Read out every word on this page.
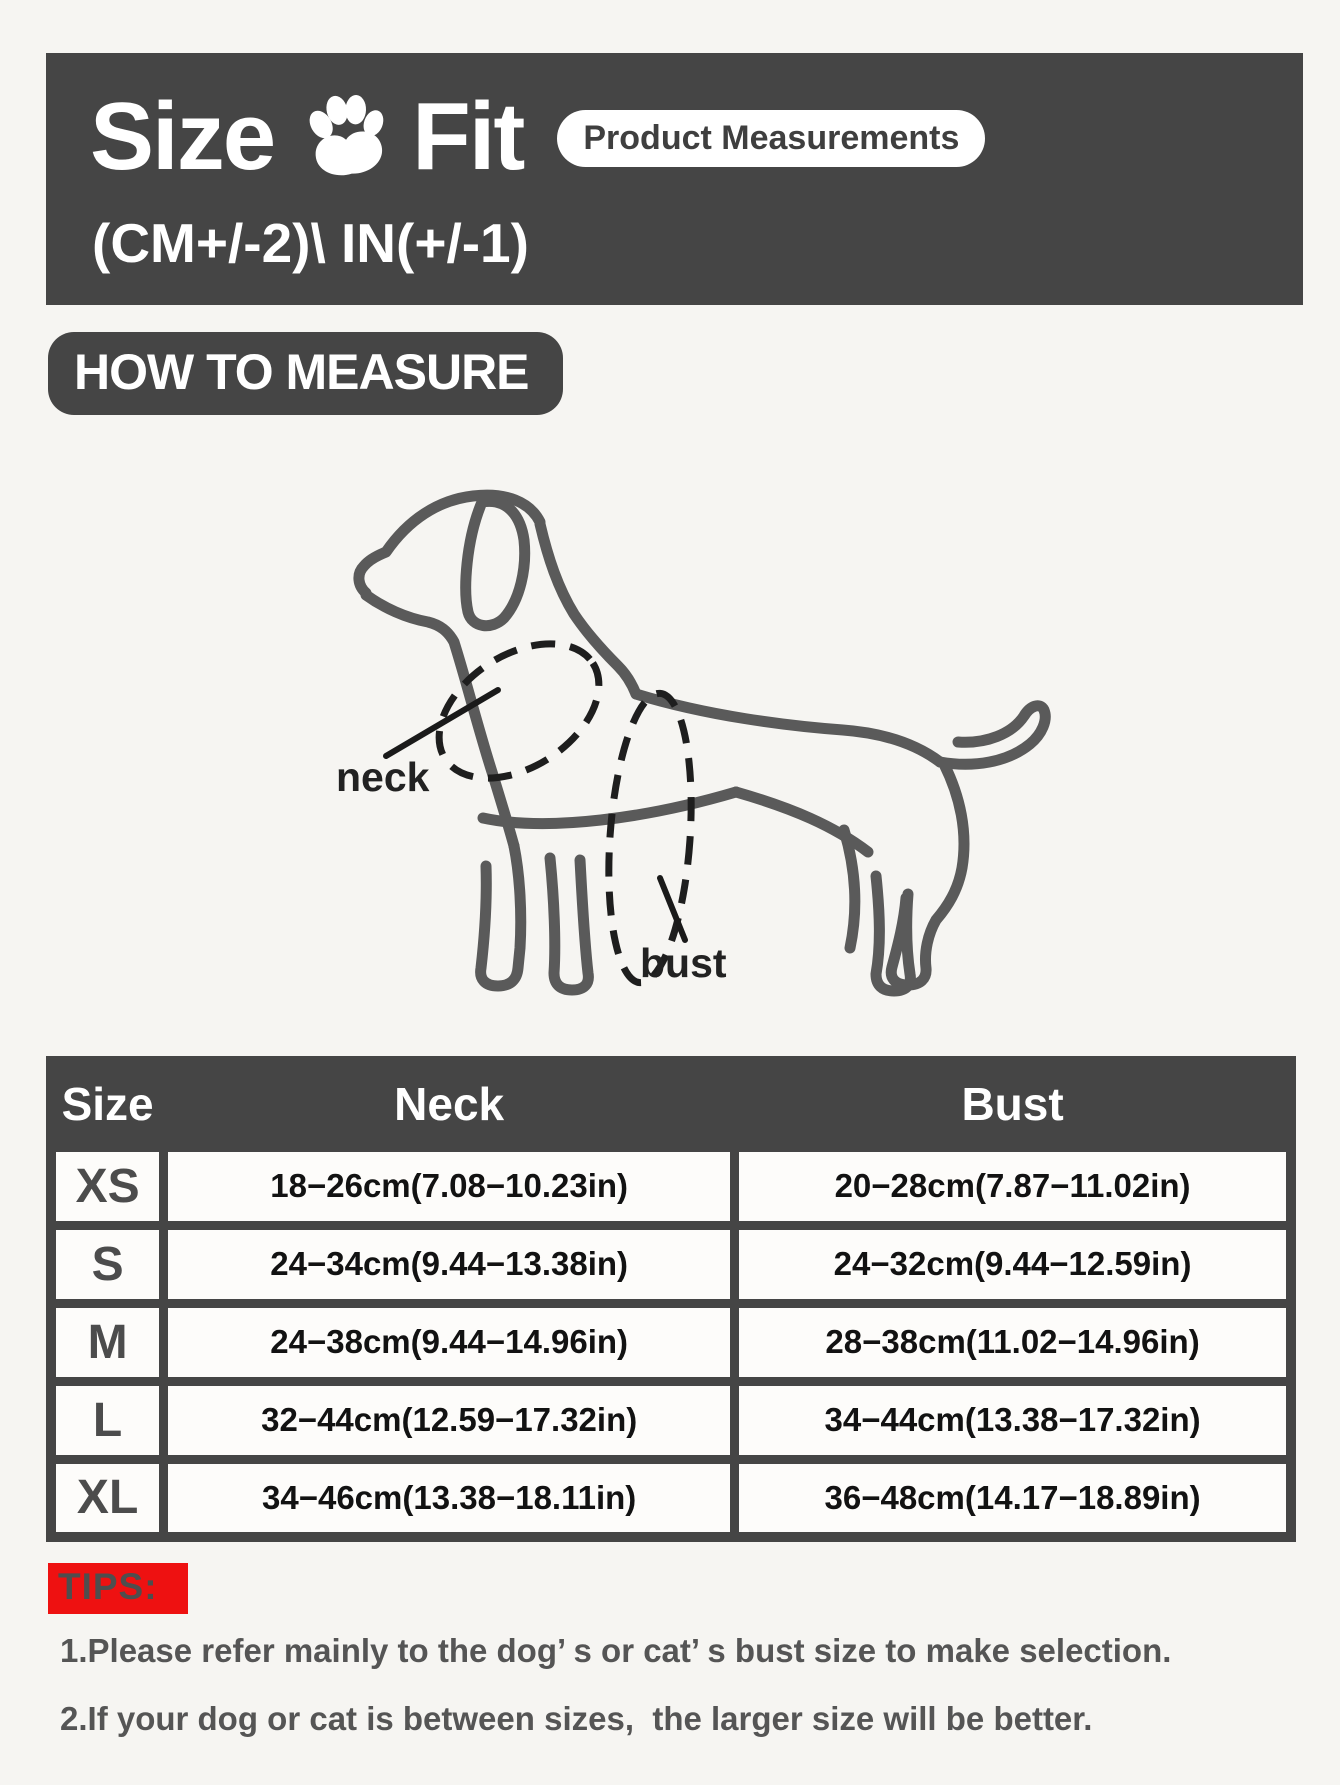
Size Fit	Product Measurements
(CM+/-2)\ IN(+/-1)
HOW TO MEASURE
neck
bust
Size	Neck	Bust
XS	18−26cm(7.08−10.23in)	20−28cm(7.87−11.02in)
S	24−34cm(9.44−13.38in)	24−32cm(9.44−12.59in)
M	24−38cm(9.44−14.96in)	28−38cm(11.02−14.96in)
L	32−44cm(12.59−17.32in)	34−44cm(13.38−17.32in)
XL	34−46cm(13.38−18.11in)	36−48cm(14.17−18.89in)
TIPS:
1.Please refer mainly to the dog’ s or cat’ s bust size to make selection.
2.If your dog or cat is between sizes,  the larger size will be better.
